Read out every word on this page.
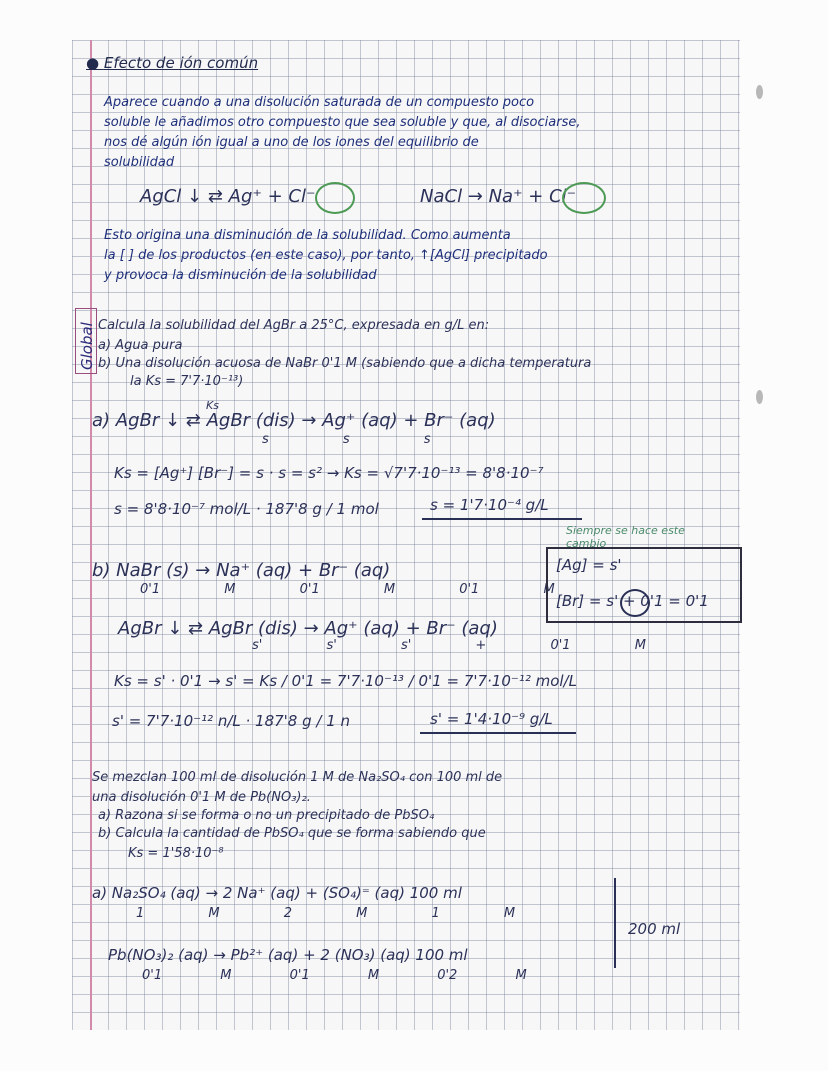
● Efecto de ión común
Aparece cuando a una disolución saturada de un compuesto poco
soluble le añadimos otro compuesto que sea soluble y que, al disociarse,
nos dé algún ión igual a uno de los iones del equilibrio de
solubilidad
AgCl ↓ ⇄ Ag⁺ + Cl⁻	NaCl → Na⁺ + Cl⁻
Esto origina una disminución de la solubilidad. Como aumenta
la [ ] de los productos (en este caso), por tanto, ↑[AgCl] precipitado
y provoca la disminución de la solubilidad
Global Calcula la solubilidad del AgBr a 25°C, expresada en g/L en:
a) Agua pura
b) Una disolución acuosa de NaBr 0'1 M (sabiendo que a dicha temperatura
la Ks = 7'7·10⁻¹³)
Ks
a) AgBr ↓ ⇄ AgBr (dis) → Ag⁺ (aq) + Br⁻ (aq)
s s s
Ks = [Ag⁺] [Br⁻] = s · s = s² → Ks = √7'7·10⁻¹³ = 8'8·10⁻⁷
s = 8'8·10⁻⁷ mol/L · 187'8 g / 1 mol	s = 1'7·10⁻⁴ g/L
Siempre se hace este cambio
b) NaBr (s) → Na⁺ (aq) + Br⁻ (aq)
0'1 M 0'1 M 0'1 M
[Ag] = s'
[Br] = s' + 0'1 = 0'1
AgBr ↓ ⇄ AgBr (dis) → Ag⁺ (aq) + Br⁻ (aq)
s' s' s' + 0'1 M
Ks = s' · 0'1 → s' = Ks / 0'1 = 7'7·10⁻¹³ / 0'1 = 7'7·10⁻¹² mol/L
s' = 7'7·10⁻¹² n/L · 187'8 g / 1 n	s' = 1'4·10⁻⁹ g/L
Se mezclan 100 ml de disolución 1 M de Na₂SO₄ con 100 ml de
una disolución 0'1 M de Pb(NO₃)₂.
a) Razona si se forma o no un precipitado de PbSO₄
b) Calcula la cantidad de PbSO₄ que se forma sabiendo que
Ks = 1'58·10⁻⁸
a) Na₂SO₄ (aq) → 2 Na⁺ (aq) + (SO₄)⁼ (aq) 100 ml
1 M 2 M 1 M
Pb(NO₃)₂ (aq) → Pb²⁺ (aq) + 2 (NO₃) (aq) 100 ml
0'1 M 0'1 M 0'2 M
200 ml
